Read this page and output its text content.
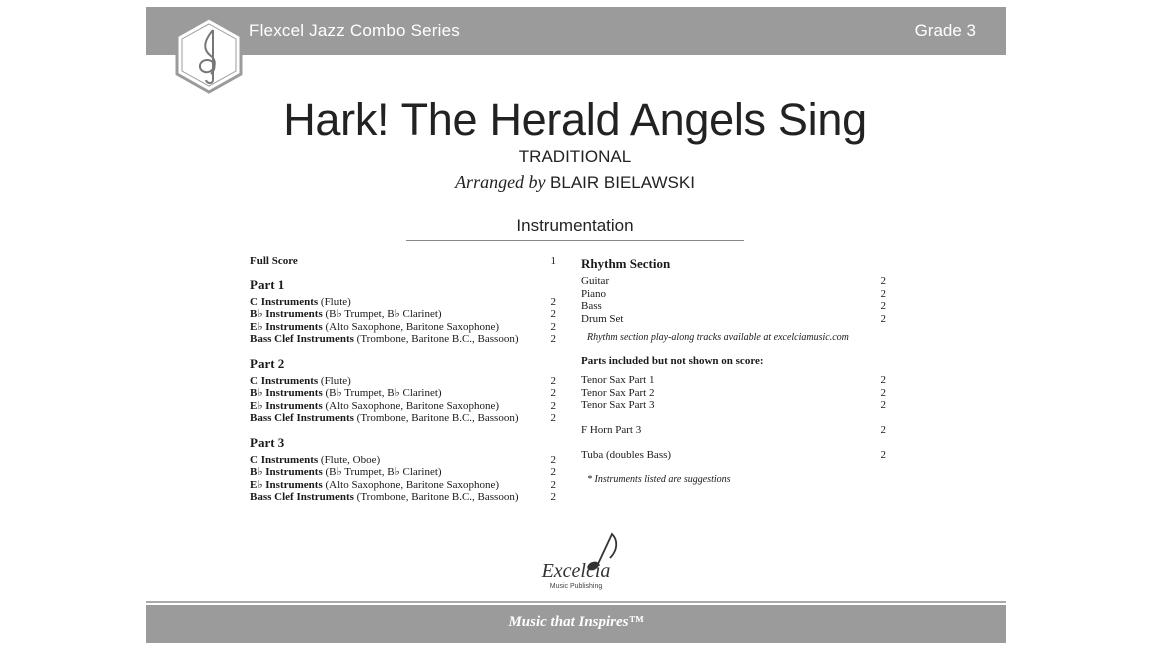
Flexcel Jazz Combo Series	Grade 3
Hark! The Herald Angels Sing
TRADITIONAL
Arranged by BLAIR BIELAWSKI
Instrumentation
Full Score	1
Part 1
C Instruments (Flute)	2
B♭ Instruments (B♭ Trumpet, B♭ Clarinet)	2
E♭ Instruments (Alto Saxophone, Baritone Saxophone)	2
Bass Clef Instruments (Trombone, Baritone B.C., Bassoon)	2
Part 2
C Instruments (Flute)	2
B♭ Instruments (B♭ Trumpet, B♭ Clarinet)	2
E♭ Instruments (Alto Saxophone, Baritone Saxophone)	2
Bass Clef Instruments (Trombone, Baritone B.C., Bassoon)	2
Part 3
C Instruments (Flute, Oboe)	2
B♭ Instruments (B♭ Trumpet, B♭ Clarinet)	2
E♭ Instruments (Alto Saxophone, Baritone Saxophone)	2
Bass Clef Instruments (Trombone, Baritone B.C., Bassoon)	2
Rhythm Section
Guitar	2
Piano	2
Bass	2
Drum Set	2
Rhythm section play-along tracks available at excelciamusic.com
Parts included but not shown on score:
Tenor Sax Part 1	2
Tenor Sax Part 2	2
Tenor Sax Part 3	2
F Horn Part 3	2
Tuba (doubles Bass)	2
* Instruments listed are suggestions
Excelcia
Music Publishing
Music that Inspires™
